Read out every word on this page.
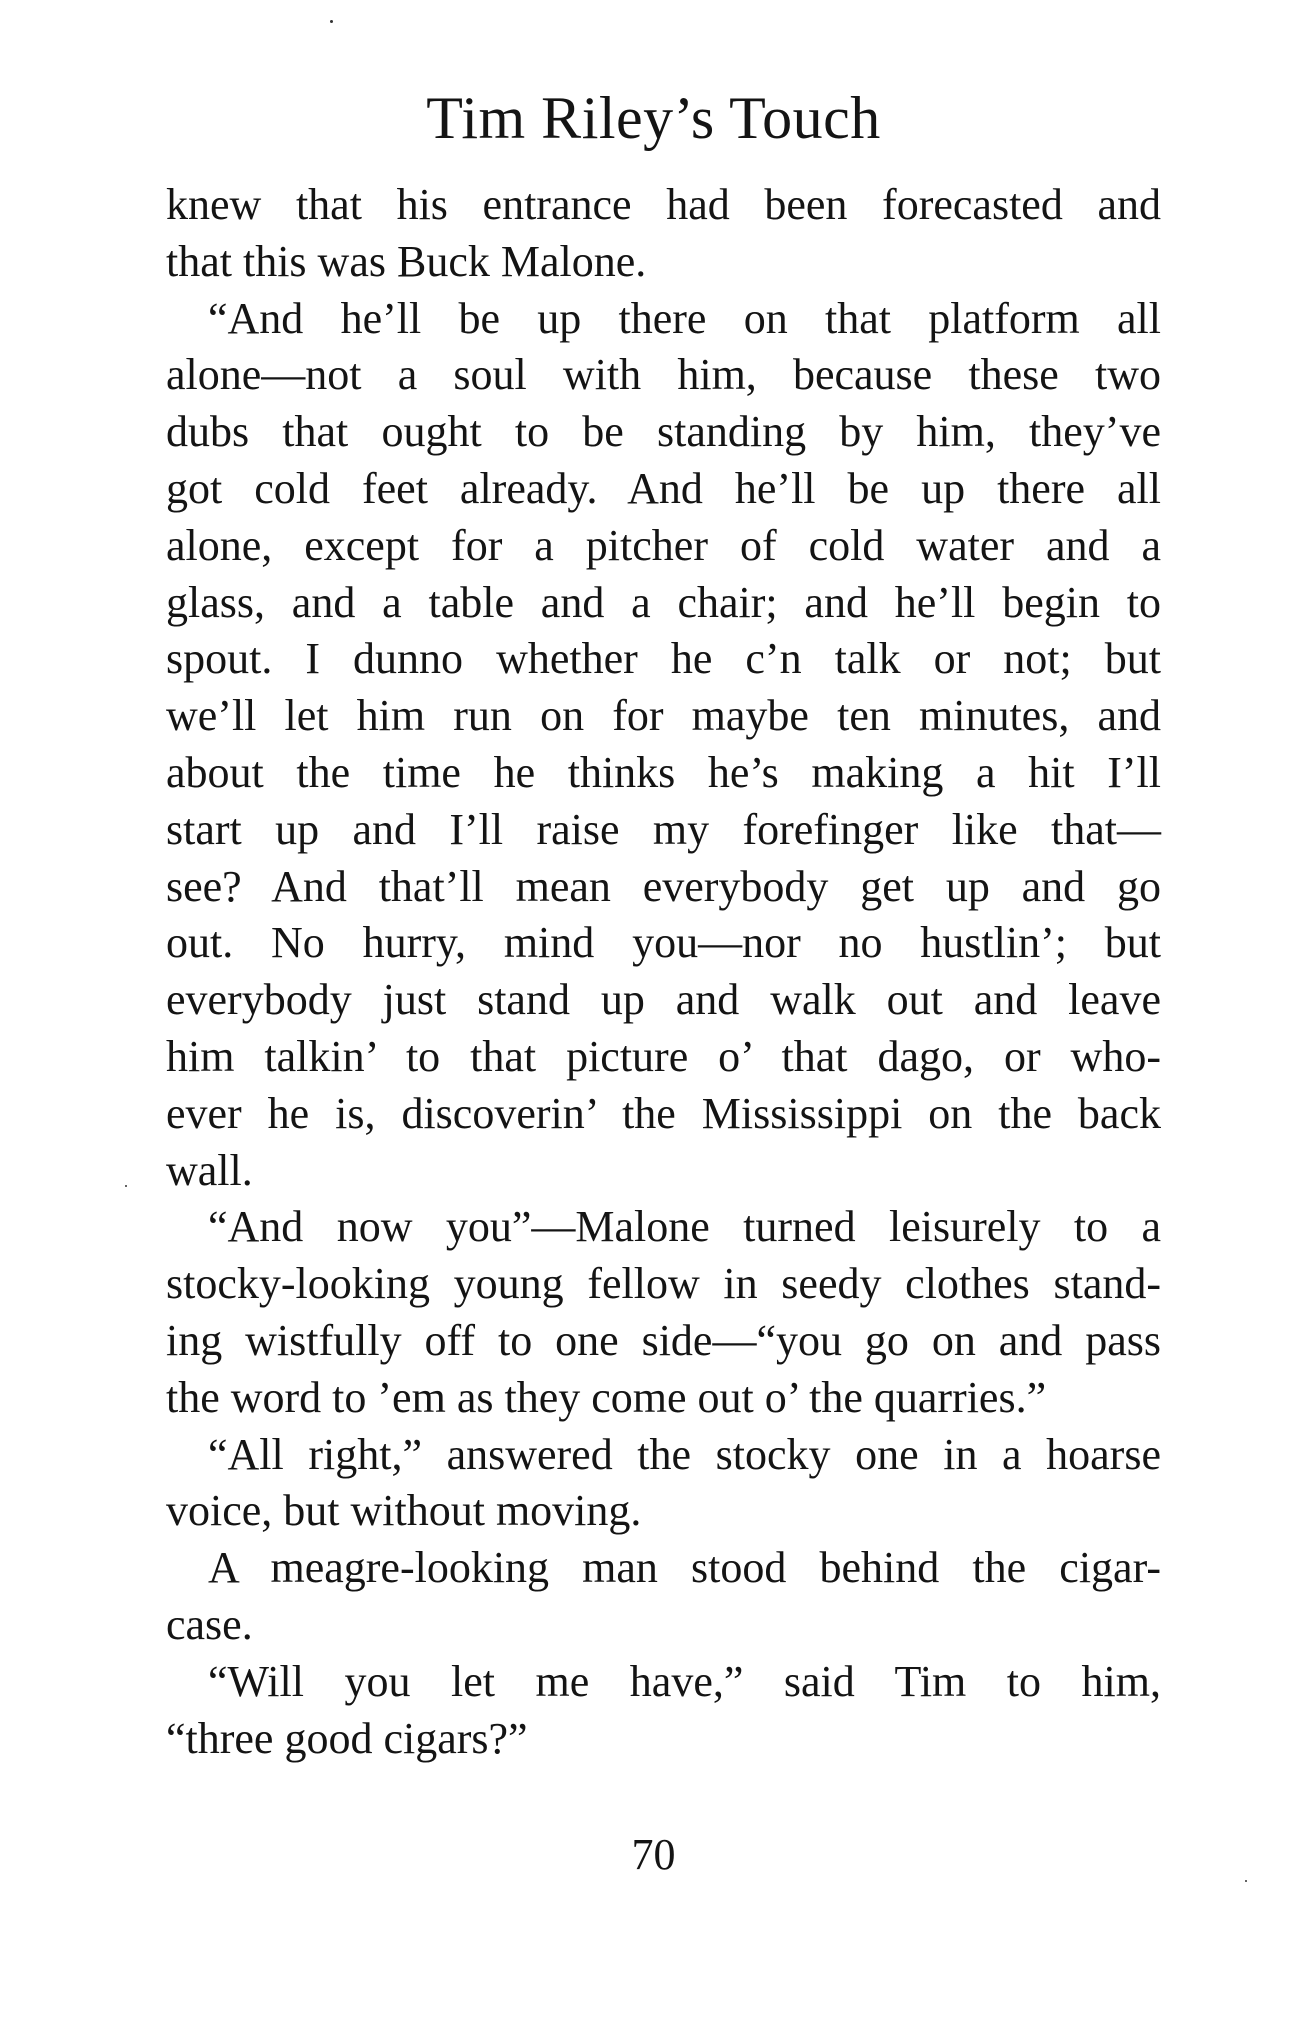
Tim Riley’s Touch

knew that his entrance had been forecasted and
that this was Buck Malone.

“And he’ll be up there on that platform all
alone—not a soul with him, because these two
dubs that ought to be standing by him, they’ve
got cold feet already. And he’ll be up there all
alone, except for a pitcher of cold water and a
glass, and a table and a chair; and he’ll begin to
spout. I dunno whether he c’n talk or not; but
we’ll let him run on for maybe ten minutes, and
about the time he thinks he’s making a hit I’ll
start up and I’ll raise my forefinger like that—
see? And that’ll mean everybody get up and go
out. No hurry, mind you—nor no hustlin’; but
everybody just stand up and walk out and leave
him talkin’ to that picture o’ that dago, or who-
ever he is, discoverin’ the Mississippi on the back
wall.

“And now you”—Malone turned leisurely to a
stocky-looking young fellow in seedy clothes stand-
ing wistfully off to one side—“you go on and pass
the word to ’em as they come out o’ the quarries.”

“All right,” answered the stocky one in a hoarse
voice, but without moving.

A meagre-looking man stood behind the cigar-
case.

“Will you let me have,” said Tim to him,
“three good cigars?”

70
